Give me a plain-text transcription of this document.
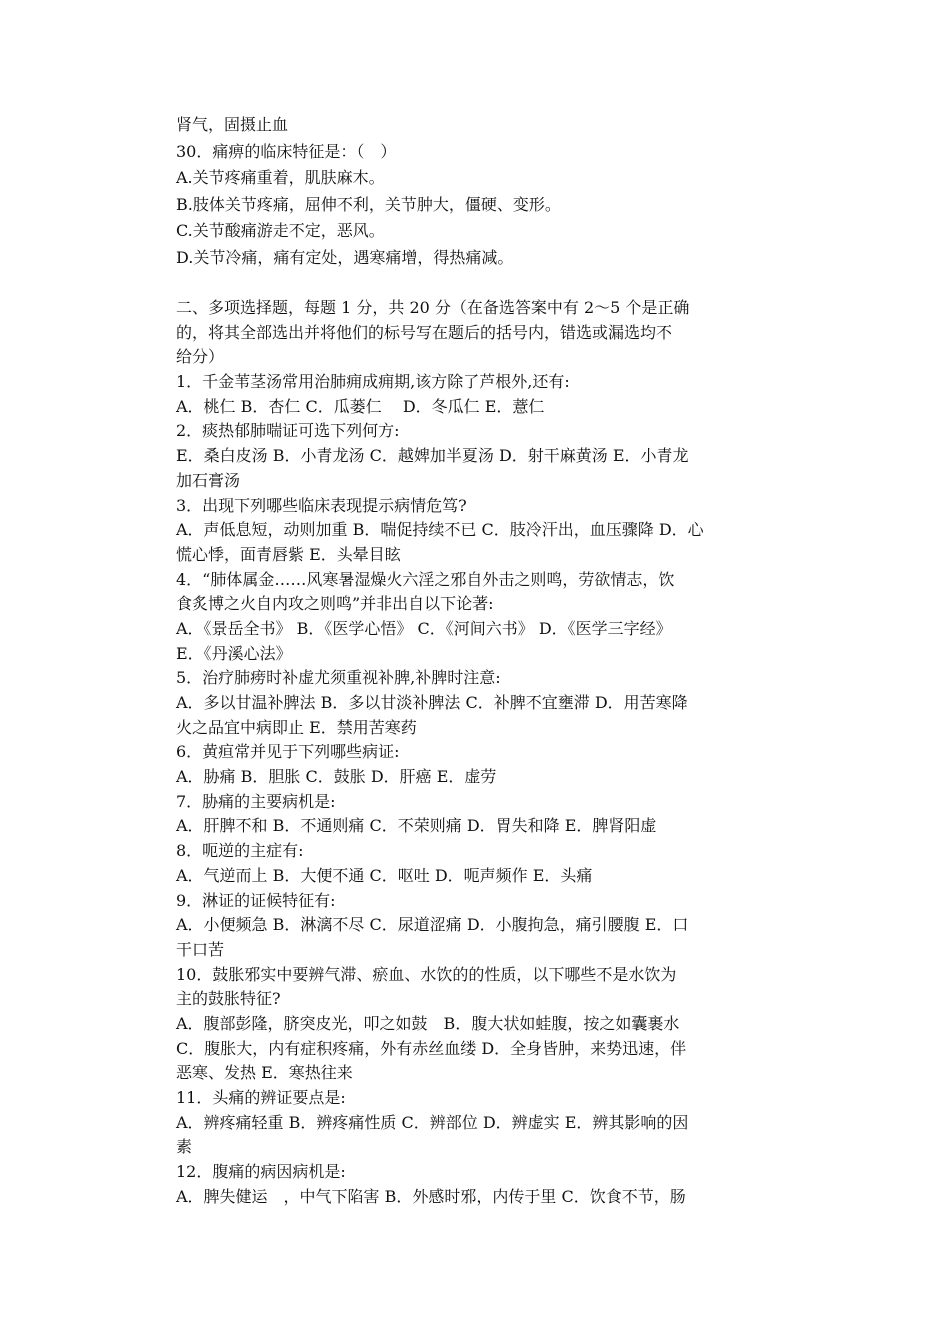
肾气，固摄止血
30．痛痹的临床特征是：（　）
A.关节疼痛重着，肌肤麻木。
B.肢体关节疼痛，屈伸不利，关节肿大，僵硬、变形。
C.关节酸痛游走不定，恶风。
D.关节冷痛，痛有定处，遇寒痛增，得热痛减。
二、多项选择题，每题 1 分，共 20 分（在备选答案中有 2～5 个是正确
的，将其全部选出并将他们的标号写在题后的括号内，错选或漏选均不
给分）
1．千金苇茎汤常用治肺痈成痈期,该方除了芦根外,还有:
A．桃仁 B．杏仁 C．瓜蒌仁　 D．冬瓜仁 E．薏仁
2．痰热郁肺喘证可选下列何方:
E．桑白皮汤 B．小青龙汤 C．越婢加半夏汤 D．射干麻黄汤 E．小青龙
加石膏汤
3．出现下列哪些临床表现提示病情危笃?
A．声低息短，动则加重 B．喘促持续不已 C．肢冷汗出，血压骤降 D．心
慌心悸，面青唇紫 E．头晕目眩
4．“肺体属金……风寒暑湿燥火六淫之邪自外击之则鸣，劳欲情志，饮
食炙博之火自内攻之则鸣”并非出自以下论著:
A．《景岳全书》 B．《医学心悟》 C．《河间六书》 D．《医学三字经》
E．《丹溪心法》
5．治疗肺痨时补虚尤须重视补脾,补脾时注意:
A．多以甘温补脾法 B．多以甘淡补脾法 C．补脾不宜壅滞 D．用苦寒降
火之品宜中病即止 E．禁用苦寒药
6．黄疸常并见于下列哪些病证:
A．胁痛 B．胆胀 C．鼓胀 D．肝癌 E．虚劳
7．胁痛的主要病机是:
A．肝脾不和 B．不通则痛 C．不荣则痛 D．胃失和降 E．脾肾阳虚
8．呃逆的主症有:
A．气逆而上 B．大便不通 C．呕吐 D．呃声频作 E．头痛
9．淋证的证候特征有:
A．小便频急 B．淋漓不尽 C．尿道涩痛 D．小腹拘急，痛引腰腹 E．口
干口苦
10．鼓胀邪实中要辨气滞、瘀血、水饮的的性质，以下哪些不是水饮为
主的鼓胀特征?
A．腹部彭隆，脐突皮光，叩之如鼓　B．腹大状如蛙腹，按之如囊裹水
C．腹胀大，内有症积疼痛，外有赤丝血缕 D．全身皆肿，来势迅速，伴
恶寒、发热 E．寒热往来
11．头痛的辨证要点是:
A．辨疼痛轻重 B．辨疼痛性质 C．辨部位 D．辨虚实 E．辨其影响的因
素
12．腹痛的病因病机是:
A．脾失健运　，中气下陷害 B．外感时邪，内传于里 C．饮食不节，肠
